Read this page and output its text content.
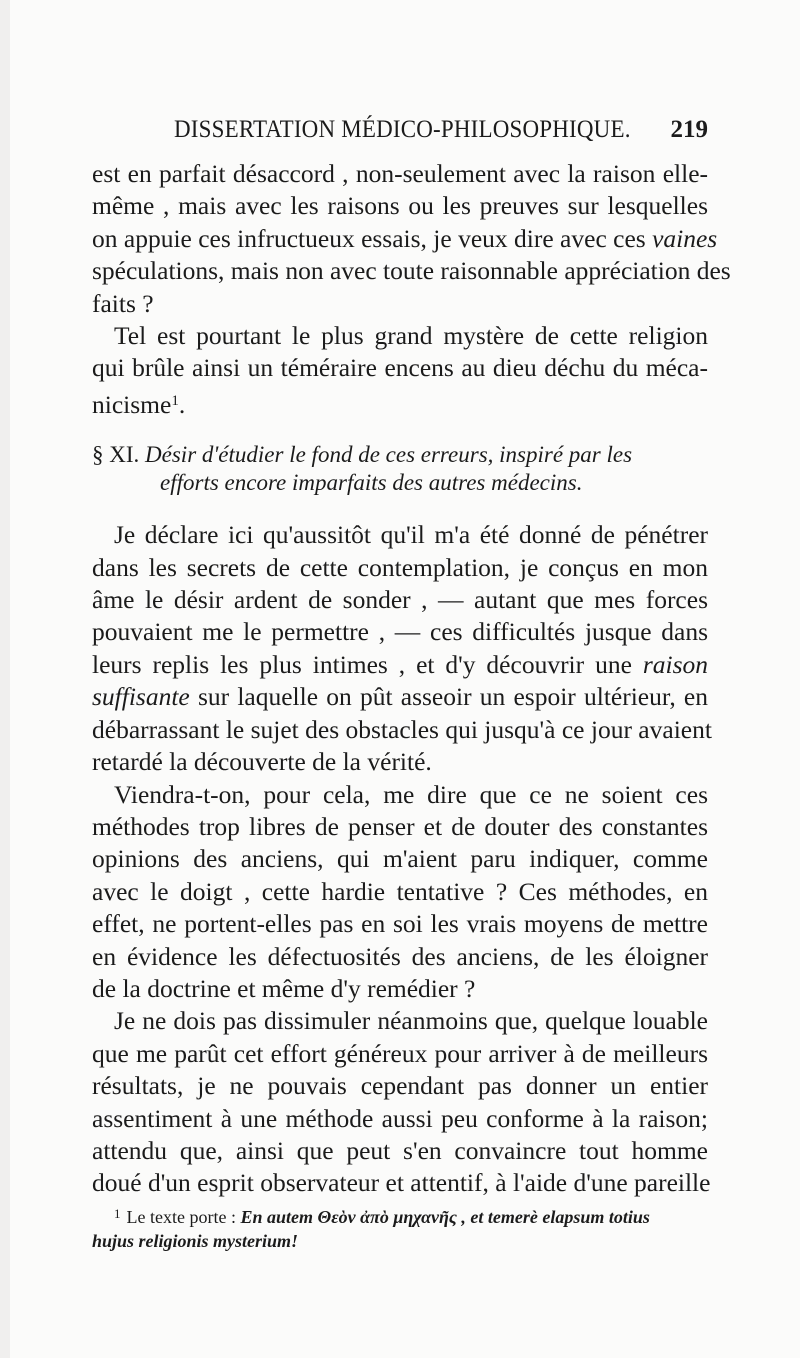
DISSERTATION MÉDICO-PHILOSOPHIQUE. 219

est en parfait désaccord , non-seulement avec la raison elle-
même , mais avec les raisons ou les preuves sur lesquelles
on appuie ces infructueux essais, je veux dire avec ces vaines
spéculations, mais non avec toute raisonnable appréciation des
faits ?

Tel est pourtant le plus grand mystère de cette religion
qui brûle ainsi un téméraire encens au dieu déchu du méca-
nicisme$^1$.

§ XI. Désir d'étudier le fond de ces erreurs, inspiré par les
efforts encore imparfaits des autres médecins.

Je déclare ici qu'aussitôt qu'il m'a été donné de pénétrer
dans les secrets de cette contemplation, je conçus en mon
âme le désir ardent de sonder , — autant que mes forces
pouvaient me le permettre , — ces difficultés jusque dans
leurs replis les plus intimes , et d'y découvrir une raison
suffisante sur laquelle on pût asseoir un espoir ultérieur, en
débarrassant le sujet des obstacles qui jusqu'à ce jour avaient
retardé la découverte de la vérité.

Viendra-t-on, pour cela, me dire que ce ne soient ces
méthodes trop libres de penser et de douter des constantes
opinions des anciens, qui m'aient paru indiquer, comme
avec le doigt , cette hardie tentative ? Ces méthodes, en
effet, ne portent-elles pas en soi les vrais moyens de mettre
en évidence les défectuosités des anciens, de les éloigner
de la doctrine et même d'y remédier ?

Je ne dois pas dissimuler néanmoins que, quelque louable
que me parût cet effort généreux pour arriver à de meilleurs
résultats, je ne pouvais cependant pas donner un entier
assentiment à une méthode aussi peu conforme à la raison;
attendu que, ainsi que peut s'en convaincre tout homme
doué d'un esprit observateur et attentif, à l'aide d'une pareille

$^1$ Le texte porte : En autem Θεὸν ἀπὸ μηχανῆς , et temerè elapsum totius
hujus religionis mysterium!
